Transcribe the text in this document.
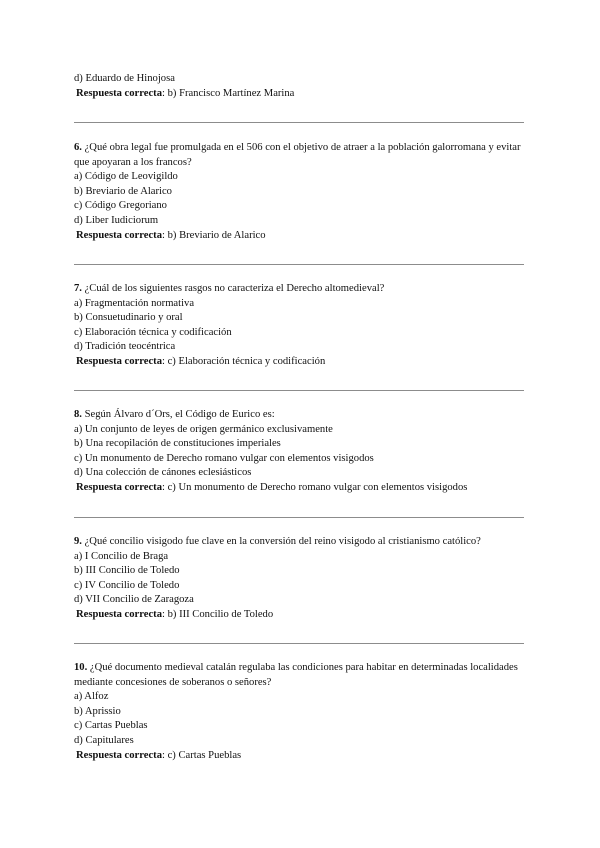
d) Eduardo de Hinojosa
Respuesta correcta: b) Francisco Martínez Marina
6. ¿Qué obra legal fue promulgada en el 506 con el objetivo de atraer a la población galorromana y evitar que apoyaran a los francos?
a) Código de Leovigildo
b) Breviario de Alarico
c) Código Gregoriano
d) Liber Iudiciorum
Respuesta correcta: b) Breviario de Alarico
7. ¿Cuál de los siguientes rasgos no caracteriza el Derecho altomedieval?
a) Fragmentación normativa
b) Consuetudinario y oral
c) Elaboración técnica y codificación
d) Tradición teocéntrica
Respuesta correcta: c) Elaboración técnica y codificación
8. Según Álvaro d´Ors, el Código de Eurico es:
a) Un conjunto de leyes de origen germánico exclusivamente
b) Una recopilación de constituciones imperiales
c) Un monumento de Derecho romano vulgar con elementos visigodos
d) Una colección de cánones eclesiásticos
Respuesta correcta: c) Un monumento de Derecho romano vulgar con elementos visigodos
9. ¿Qué concilio visigodo fue clave en la conversión del reino visigodo al cristianismo católico?
a) I Concilio de Braga
b) III Concilio de Toledo
c) IV Concilio de Toledo
d) VII Concilio de Zaragoza
Respuesta correcta: b) III Concilio de Toledo
10. ¿Qué documento medieval catalán regulaba las condiciones para habitar en determinadas localidades mediante concesiones de soberanos o señores?
a) Alfoz
b) Aprissio
c) Cartas Pueblas
d) Capitulares
Respuesta correcta: c) Cartas Pueblas
